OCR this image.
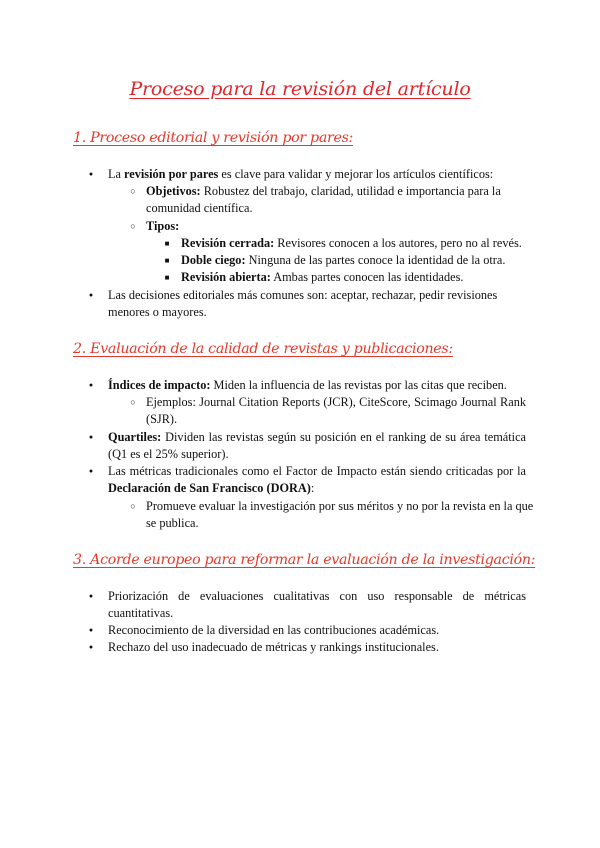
Proceso para la revisión del artículo
1. Proceso editorial y revisión por pares:
●
La revisión por pares es clave para validar y mejorar los artículos científicos:
○
Objetivos: Robustez del trabajo, claridad, utilidad e importancia para la
comunidad científica.
○
Tipos:
■
Revisión cerrada: Revisores conocen a los autores, pero no al revés.
■
Doble ciego: Ninguna de las partes conoce la identidad de la otra.
■
Revisión abierta: Ambas partes conocen las identidades.
●
Las decisiones editoriales más comunes son: aceptar, rechazar, pedir revisiones
menores o mayores.
2. Evaluación de la calidad de revistas y publicaciones:
●
Índices de impacto: Miden la influencia de las revistas por las citas que reciben.
○
Ejemplos: Journal Citation Reports (JCR), CiteScore, Scimago Journal Rank
(SJR).
●
Quartiles: Dividen las revistas según su posición en el ranking de su área temática
(Q1 es el 25% superior).
●
Las métricas tradicionales como el Factor de Impacto están siendo criticadas por la
Declaración de San Francisco (DORA):
○
Promueve evaluar la investigación por sus méritos y no por la revista en la que
se publica.
3. Acorde europeo para reformar la evaluación de la investigación:
●
Priorización de evaluaciones cualitativas con uso responsable de métricas
cuantitativas.
●
Reconocimiento de la diversidad en las contribuciones académicas.
●
Rechazo del uso inadecuado de métricas y rankings institucionales.
